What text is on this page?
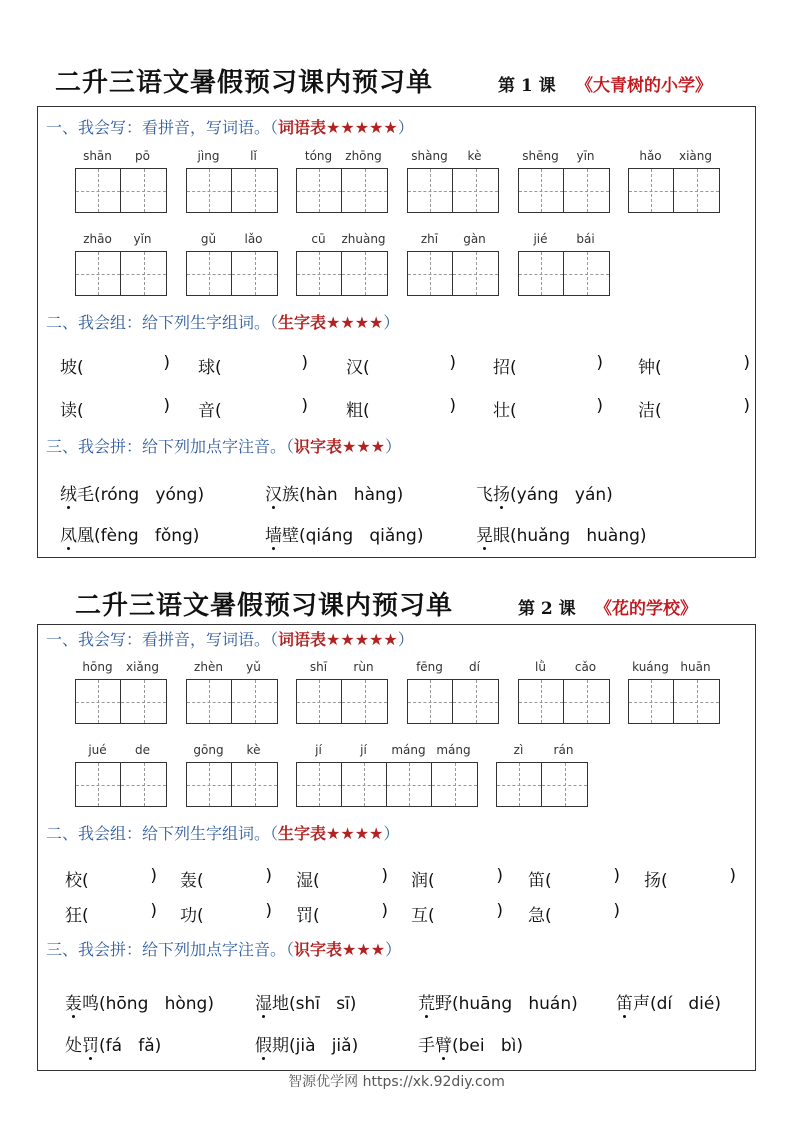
二升三语文暑假预习课内预习单	第 1 课 《大青树的小学》
一、我会写：看拼音，写词语。（词语表★★★★★）
二、我会组：给下列生字组词。（生字表★★★★）
三、我会拼：给下列加点字注音。（识字表★★★）
shān	pō	jìng	lǐ	tóng	zhōng	shàng	kè	shēng	yīn	hǎo	xiàng
zhāo	yǐn	gǔ	lǎo	cū	zhuàng	zhī	gàn	jié	bái
坡(	) 球(	) 汉(	) 招(	) 钟(	)
读(	) 音(	) 粗(	) 壮(	) 洁(	)
绒毛(róng   yóng)	汉族(hàn   hàng)	飞扬(yáng   yán)
凤凰(fèng   fǒng)	墙壁(qiáng   qiǎng)	晃眼(huǎng   huàng)
二升三语文暑假预习课内预习单	第 2 课 《花的学校》
一、我会写：看拼音，写词语。（词语表★★★★★）
二、我会组：给下列生字组词。（生字表★★★★）
三、我会拼：给下列加点字注音。（识字表★★★）
hōng	xiǎng	zhèn	yǔ	shī	rùn	fēng	dí	lǜ	cǎo	kuáng huān
jué	de	gōng	kè	jí	jí	máng máng	zì	rán
校(	) 轰(	) 湿(	) 润(	) 笛(	) 扬(	)
狂(	) 功(	) 罚(	) 互(	) 急(	)
轰鸣(hōng   hòng) 湿地(shī   sī)	荒野(huāng   huán) 笛声(dí   dié)
处罚(fá   fǎ)	假期(jià   jiǎ)	手臂(bei   bì)
智源优学网 https://xk.92diy.com
